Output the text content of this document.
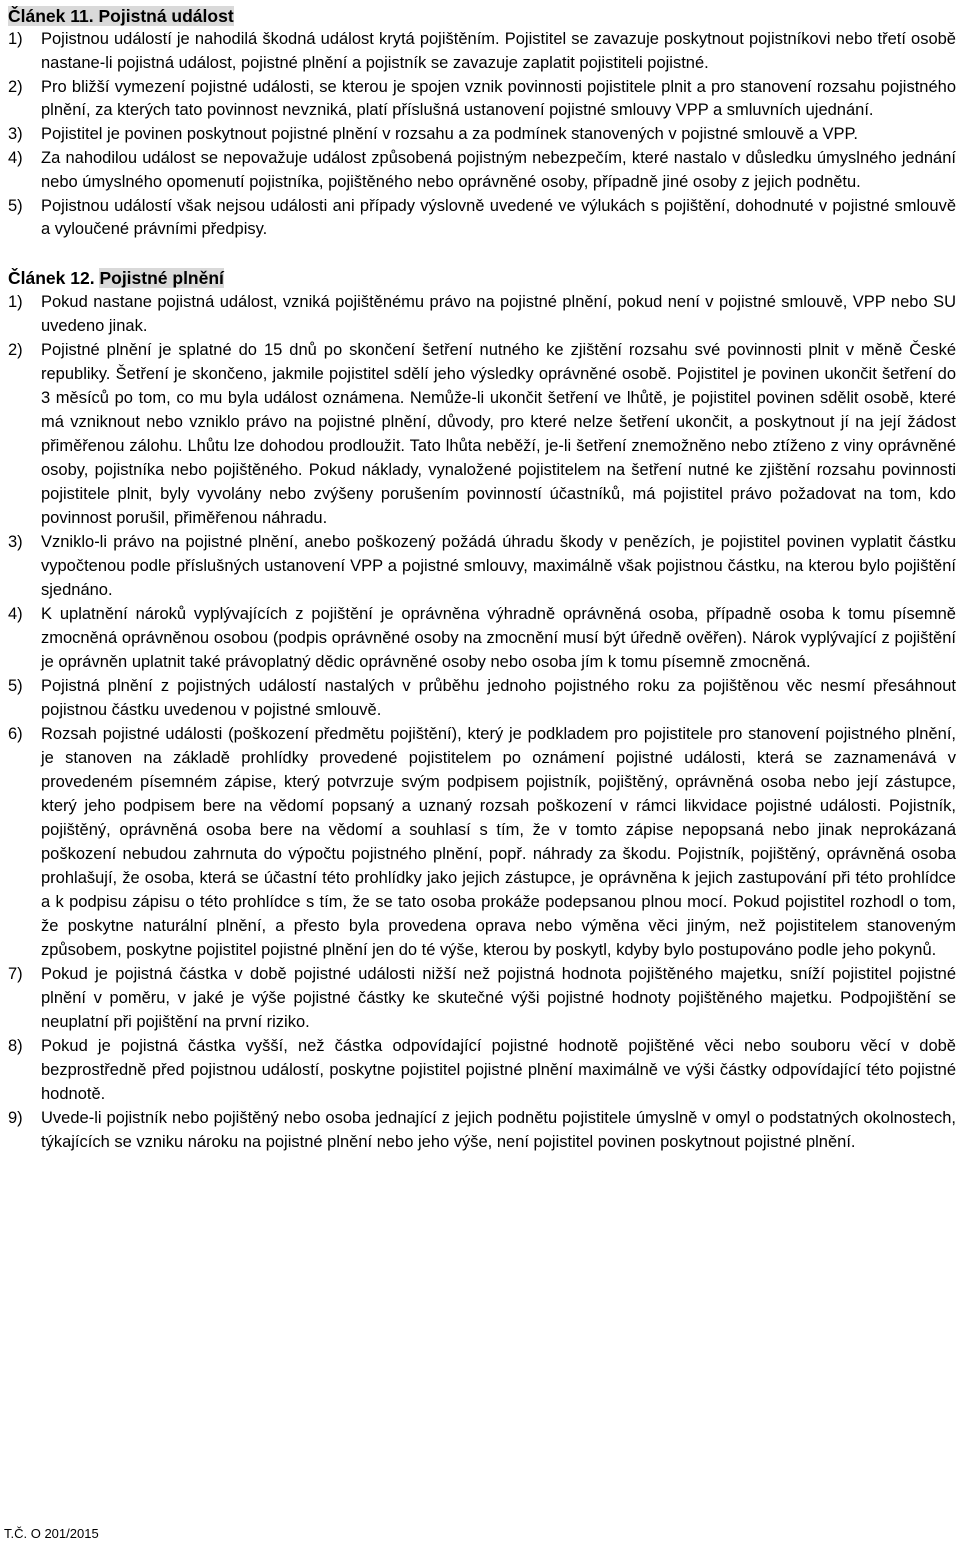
Článek 11. Pojistná událost
1)	Pojistnou událostí je nahodilá škodná událost krytá pojištěním. Pojistitel se zavazuje poskytnout pojistníkovi nebo třetí osobě nastane-li pojistná událost, pojistné plnění a pojistník se zavazuje zaplatit pojistiteli pojistné.
2)	Pro bližší vymezení pojistné události, se kterou je spojen vznik povinnosti pojistitele plnit a pro stanovení rozsahu pojistného plnění, za kterých tato povinnost nevzniká, platí příslušná ustanovení pojistné smlouvy VPP a smluvních ujednání.
3)	Pojistitel je povinen poskytnout pojistné plnění v rozsahu a za podmínek stanovených v pojistné smlouvě a VPP.
4)	Za nahodilou událost se nepovažuje událost způsobená pojistným nebezpečím, které nastalo v důsledku úmyslného jednání nebo úmyslného opomenutí pojistníka, pojištěného nebo oprávněné osoby, případně jiné osoby z jejich podnětu.
5)	Pojistnou událostí však nejsou události ani případy výslovně uvedené ve výlukách s pojištění, dohodnuté v pojistné smlouvě a vyloučené právními předpisy.
Článek 12. Pojistné plnění
1)	Pokud nastane pojistná událost, vzniká pojištěnému právo na pojistné plnění, pokud není v pojistné smlouvě, VPP nebo SU uvedeno jinak.
2)	Pojistné plnění je splatné do 15 dnů po skončení šetření nutného ke zjištění rozsahu své povinnosti plnit v měně České republiky. Šetření je skončeno, jakmile pojistitel sdělí jeho výsledky oprávněné osobě. Pojistitel je povinen ukončit šetření do 3 měsíců po tom, co mu byla událost oznámena. Nemůže-li ukončit šetření ve lhůtě, je pojistitel povinen sdělit osobě, které má vzniknout nebo vzniklo právo na pojistné plnění, důvody, pro které nelze šetření ukončit, a poskytnout jí na její žádost přiměřenou zálohu. Lhůtu lze dohodou prodloužit. Tato lhůta neběží, je-li šetření znemožněno nebo ztíženo z viny oprávněné osoby, pojistníka nebo pojištěného. Pokud náklady, vynaložené pojistitelem na šetření nutné ke zjištění rozsahu povinnosti pojistitele plnit, byly vyvolány nebo zvýšeny porušením povinností účastníků, má pojistitel právo požadovat na tom, kdo povinnost porušil, přiměřenou náhradu.
3)	Vzniklo-li právo na pojistné plnění, anebo poškozený požádá úhradu škody v penězích, je pojistitel povinen vyplatit částku vypočtenou podle příslušných ustanovení VPP a pojistné smlouvy, maximálně však pojistnou částku, na kterou bylo pojištění sjednáno.
4)	K uplatnění nároků vyplývajících z pojištění je oprávněna výhradně oprávněná osoba, případně osoba k tomu písemně zmocněná oprávněnou osobou (podpis oprávněné osoby na zmocnění musí být úředně ověřen). Nárok vyplývající z pojištění je oprávněn uplatnit také právoplatný dědic oprávněné osoby nebo osoba jím k tomu písemně zmocněná.
5)	Pojistná plnění z pojistných událostí nastalých v průběhu jednoho pojistného roku za pojištěnou věc nesmí přesáhnout pojistnou částku uvedenou v pojistné smlouvě.
6)	Rozsah pojistné události (poškození předmětu pojištění), který je podkladem pro pojistitele pro stanovení pojistného plnění, je stanoven na základě prohlídky provedené pojistitelem po oznámení pojistné události, která se zaznamenává v provedeném písemném zápise, který potvrzuje svým podpisem pojistník, pojištěný, oprávněná osoba nebo její zástupce, který jeho podpisem bere na vědomí popsaný a uznaný rozsah poškození v rámci likvidace pojistné události. Pojistník, pojištěný, oprávněná osoba bere na vědomí a souhlasí s tím, že v tomto zápise nepopsaná nebo jinak neprokázaná poškození nebudou zahrnuta do výpočtu pojistného plnění, popř. náhrady za škodu. Pojistník, pojištěný, oprávněná osoba prohlašují, že osoba, která se účastní této prohlídky jako jejich zástupce, je oprávněna k jejich zastupování při této prohlídce a k podpisu zápisu o této prohlídce s tím, že se tato osoba prokáže podepsanou plnou mocí. Pokud pojistitel rozhodl o tom, že poskytne naturální plnění, a přesto byla provedena oprava nebo výměna věci jiným, než pojistitelem stanoveným způsobem, poskytne pojistitel pojistné plnění jen do té výše, kterou by poskytl, kdyby bylo postupováno podle jeho pokynů.
7)	Pokud je pojistná částka v době pojistné události nižší než pojistná hodnota pojištěného majetku, sníží pojistitel pojistné plnění v poměru, v jaké je výše pojistné částky ke skutečné výši pojistné hodnoty pojištěného majetku. Podpojištění se neuplatní při pojištění na první riziko.
8)	Pokud je pojistná částka vyšší, než částka odpovídající pojistné hodnotě pojištěné věci nebo souboru věcí v době bezprostředně před pojistnou událostí, poskytne pojistitel pojistné plnění maximálně ve výši částky odpovídající této pojistné hodnotě.
9)	Uvede-li pojistník nebo pojištěný nebo osoba jednající z jejich podnětu pojistitele úmyslně v omyl o podstatných okolnostech, týkajících se vzniku nároku na pojistné plnění nebo jeho výše, není pojistitel povinen poskytnout pojistné plnění.
T.Č. O 201/2015
